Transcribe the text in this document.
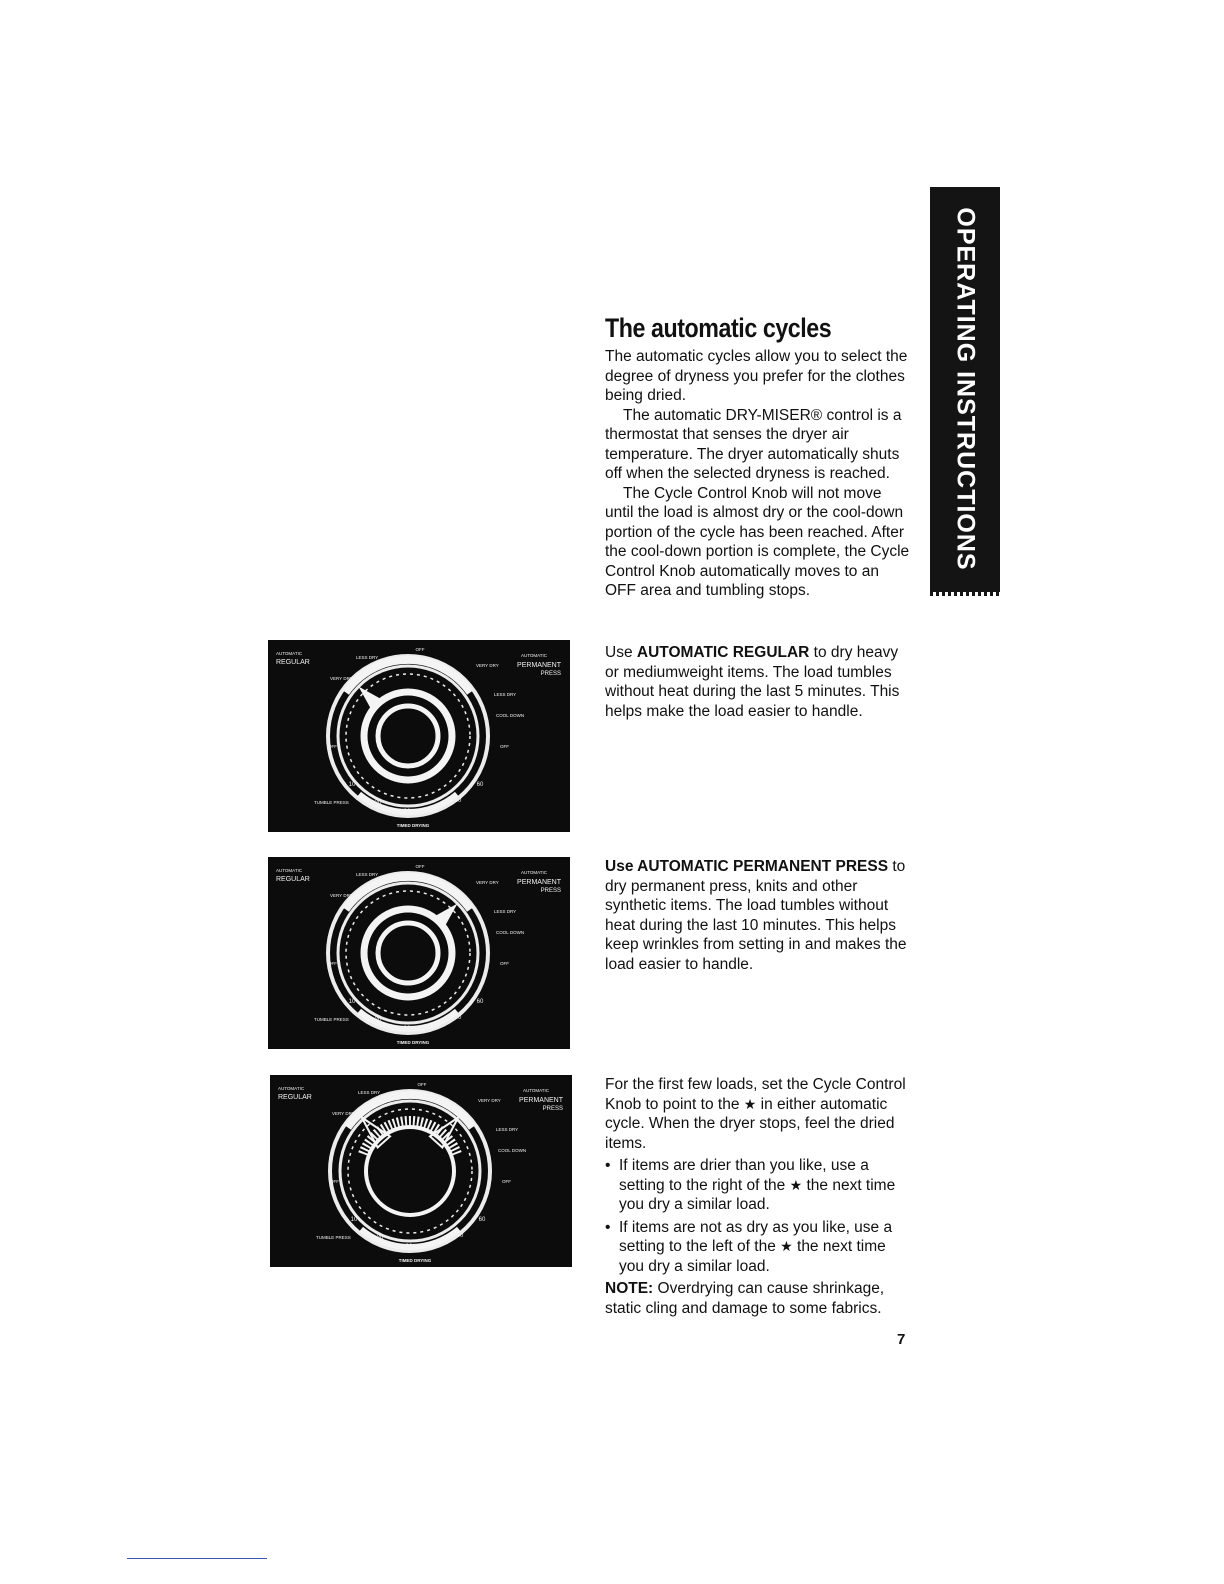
OPERATING INSTRUCTIONS
The automatic cycles

The automatic cycles allow you to select the degree of dryness you prefer for the clothes being dried.

The automatic DRY-MISER® control is a thermostat that senses the dryer air temperature. The dryer automatically shuts off when the selected dryness is reached.

The Cycle Control Knob will not move until the load is almost dry or the cool-down portion of the cycle has been reached. After the cool-down portion is complete, the Cycle Control Knob automatically moves to an OFF area and tumbling stops.

Use AUTOMATIC REGULAR to dry heavy or mediumweight items. The load tumbles without heat during the last 5 minutes. This helps make the load easier to handle.

Use AUTOMATIC PERMANENT PRESS to dry permanent press, knits and other synthetic items. The load tumbles without heat during the last 10 minutes. This helps keep wrinkles from setting in and makes the load easier to handle.

For the first few loads, set the Cycle Control Knob to point to the ★ in either automatic cycle. When the dryer stops, feel the dried items.

• If items are drier than you like, use a setting to the right of the ★ the next time you dry a similar load.

• If items are not as dry as you like, use a setting to the left of the ★ the next time you dry a similar load.

NOTE: Overdrying can cause shrinkage, static cling and damage to some fabrics.

7
AUTOMATIC
REGULAR
AUTOMATIC
PERMANENT
PRESS
OFF
LESS DRY
VERY DRY
VERY DRY
LESS DRY
COOL DOWN
OFF	OFF
10
20
TUMBLE PRESS
30	40
50
60
TIMED DRYING
AUTOMATIC
REGULAR
AUTOMATIC
PERMANENT
PRESS
OFF
LESS DRY
VERY DRY
VERY DRY
LESS DRY
COOL DOWN
OFF	OFF
10
20
TUMBLE PRESS
30	40
50
60
TIMED DRYING
AUTOMATIC
REGULAR
AUTOMATIC
PERMANENT
PRESS
OFF
LESS DRY
VERY DRY
VERY DRY
LESS DRY
COOL DOWN
OFF	OFF
10
20
TUMBLE PRESS
30	40
50
60
TIMED DRYING
